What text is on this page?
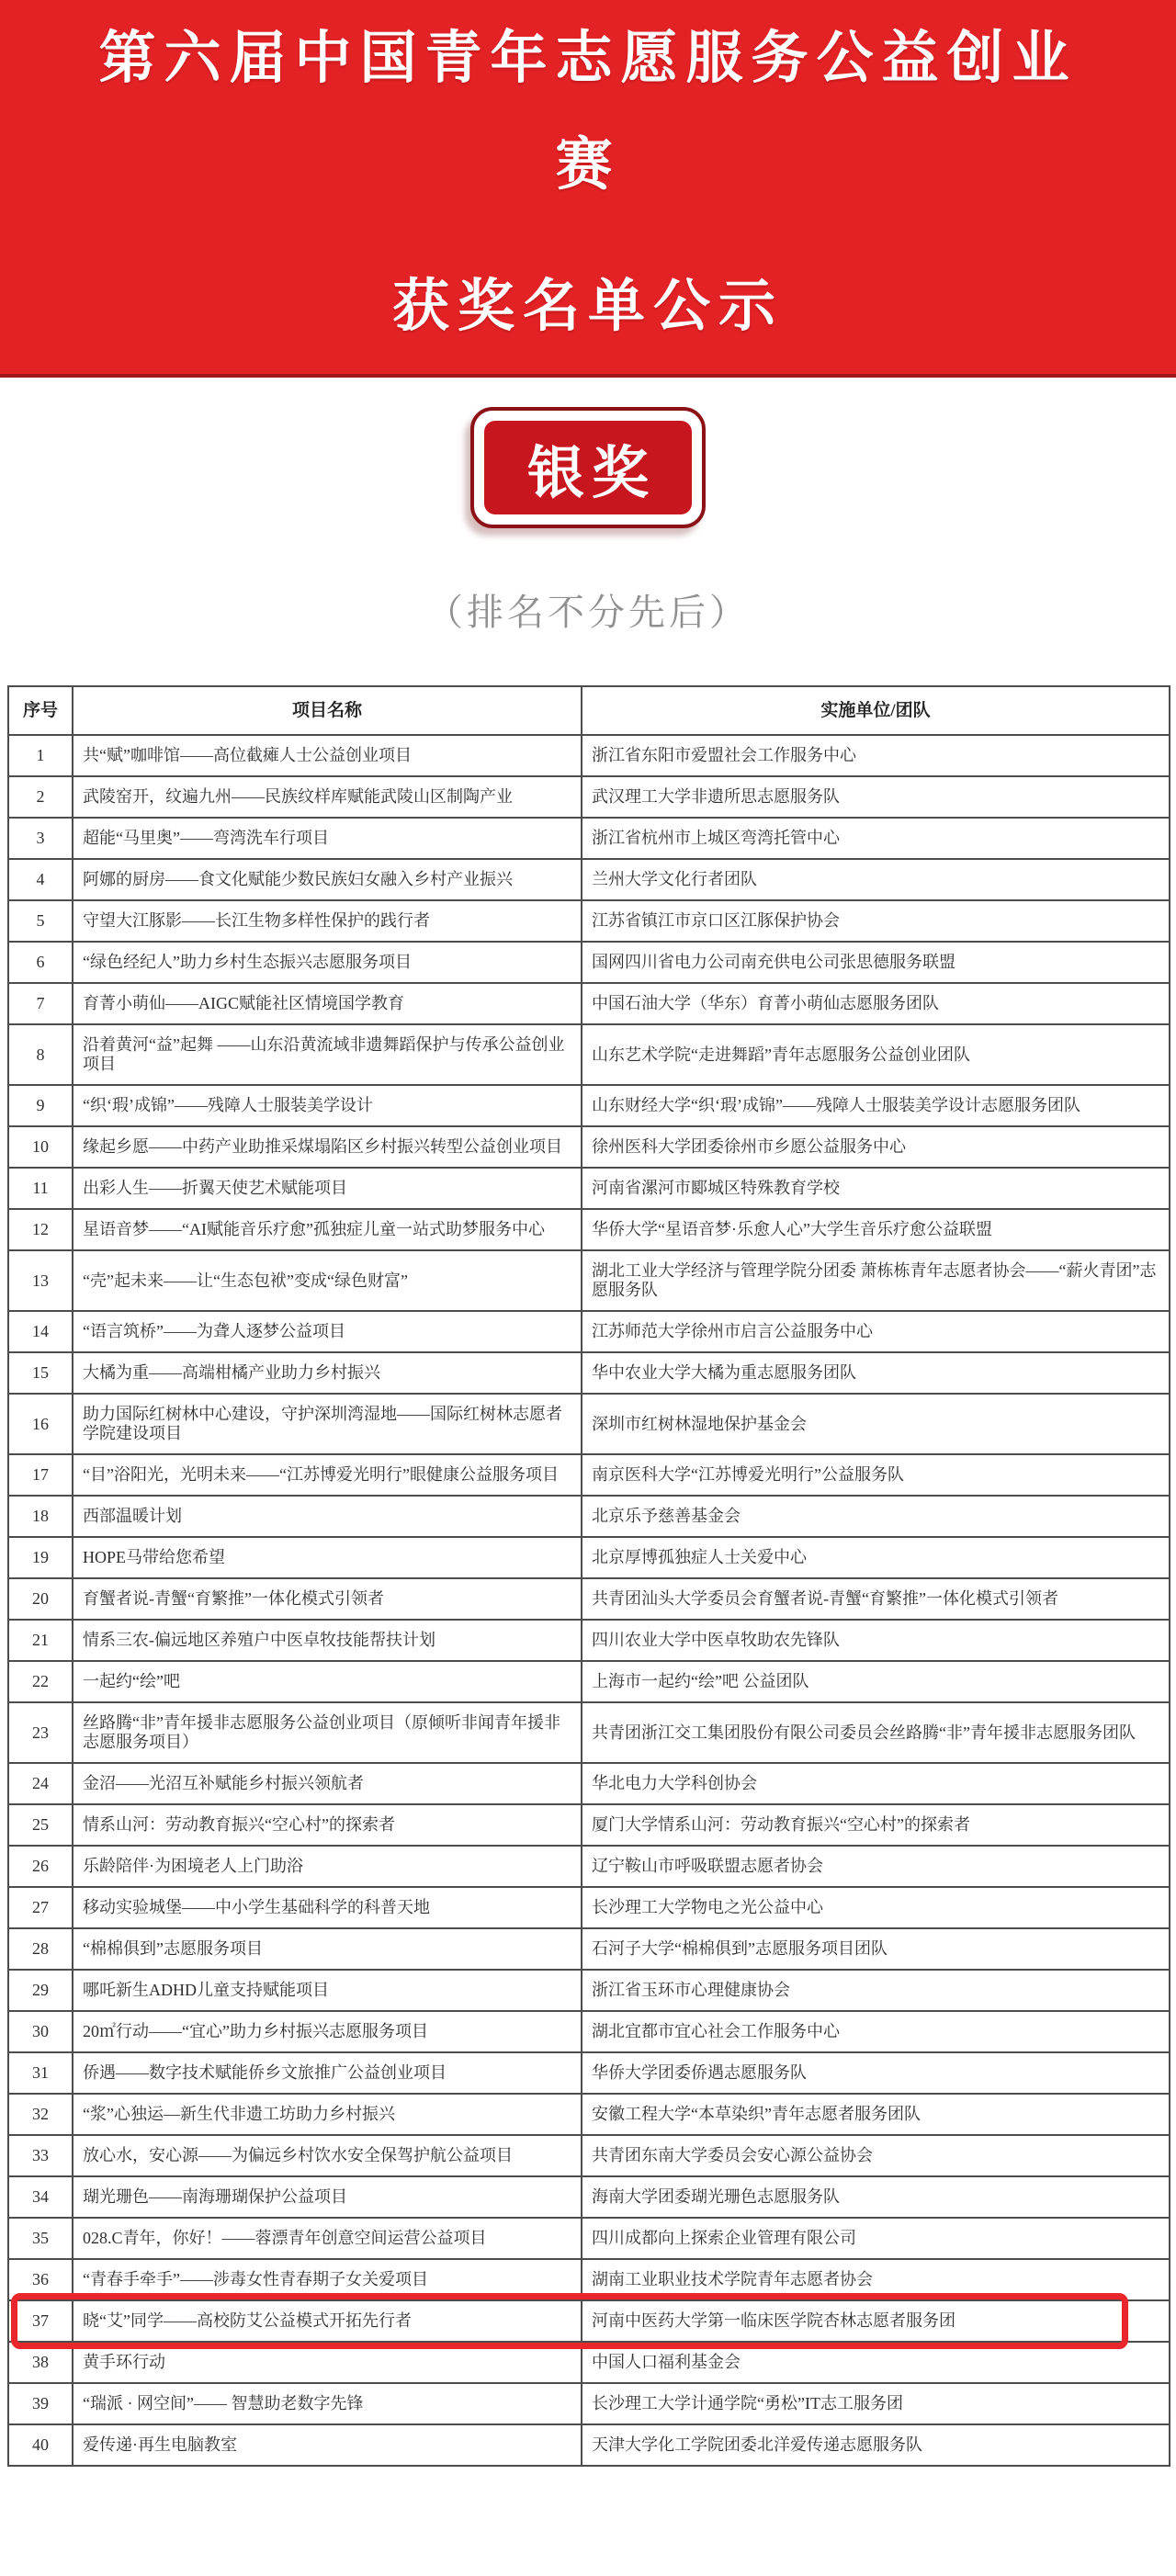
第六届中国青年志愿服务公益创业
赛
获奖名单公示
银奖
（排名不分先后）
序号	项目名称	实施单位/团队
1	共“赋”咖啡馆——高位截瘫人士公益创业项目	浙江省东阳市爱盟社会工作服务中心
2	武陵窑开，纹遍九州——民族纹样库赋能武陵山区制陶产业	武汉理工大学非遗所思志愿服务队
3	超能“马里奥”——弯湾洗车行项目	浙江省杭州市上城区弯湾托管中心
4	阿娜的厨房——食文化赋能少数民族妇女融入乡村产业振兴	兰州大学文化行者团队
5	守望大江豚影——长江生物多样性保护的践行者	江苏省镇江市京口区江豚保护协会
6	“绿色经纪人”助力乡村生态振兴志愿服务项目	国网四川省电力公司南充供电公司张思德服务联盟
7	育菁小萌仙——AIGC赋能社区情境国学教育	中国石油大学（华东）育菁小萌仙志愿服务团队
8	沿着黄河“益”起舞 ——山东沿黄流域非遗舞蹈保护与传承公益创业项目	山东艺术学院“走进舞蹈”青年志愿服务公益创业团队
9	“织‘瑕’成锦”——残障人士服装美学设计	山东财经大学“织‘瑕’成锦”——残障人士服装美学设计志愿服务团队
10	缘起乡愿——中药产业助推采煤塌陷区乡村振兴转型公益创业项目	徐州医科大学团委徐州市乡愿公益服务中心
11	出彩人生——折翼天使艺术赋能项目	河南省漯河市郾城区特殊教育学校
12	星语音梦——“AI赋能音乐疗愈”孤独症儿童一站式助梦服务中心	华侨大学“星语音梦·乐愈人心”大学生音乐疗愈公益联盟
13	“壳”起未来——让“生态包袱”变成“绿色财富”	湖北工业大学经济与管理学院分团委 萧栋栋青年志愿者协会——“薪火青团”志愿服务队
14	“语言筑桥”——为聋人逐梦公益项目	江苏师范大学徐州市启言公益服务中心
15	大橘为重——高端柑橘产业助力乡村振兴	华中农业大学大橘为重志愿服务团队
16	助力国际红树林中心建设，守护深圳湾湿地——国际红树林志愿者学院建设项目	深圳市红树林湿地保护基金会
17	“目”浴阳光，光明未来——“江苏博爱光明行”眼健康公益服务项目	南京医科大学“江苏博爱光明行”公益服务队
18	西部温暖计划	北京乐予慈善基金会
19	HOPE马带给您希望	北京厚博孤独症人士关爱中心
20	育蟹者说-青蟹“育繁推”一体化模式引领者	共青团汕头大学委员会育蟹者说-青蟹“育繁推”一体化模式引领者
21	情系三农-偏远地区养殖户中医卓牧技能帮扶计划	四川农业大学中医卓牧助农先锋队
22	一起约“绘”吧	上海市一起约“绘”吧 公益团队
23	丝路腾“非”青年援非志愿服务公益创业项目（原倾听非闻青年援非志愿服务项目）	共青团浙江交工集团股份有限公司委员会丝路腾“非”青年援非志愿服务团队
24	金沼——光沼互补赋能乡村振兴领航者	华北电力大学科创协会
25	情系山河：劳动教育振兴“空心村”的探索者	厦门大学情系山河：劳动教育振兴“空心村”的探索者
26	乐龄陪伴·为困境老人上门助浴	辽宁鞍山市呼吸联盟志愿者协会
27	移动实验城堡——中小学生基础科学的科普天地	长沙理工大学物电之光公益中心
28	“棉棉俱到”志愿服务项目	石河子大学“棉棉俱到”志愿服务项目团队
29	哪吒新生ADHD儿童支持赋能项目	浙江省玉环市心理健康协会
30	20㎡行动——“宜心”助力乡村振兴志愿服务项目	湖北宜都市宜心社会工作服务中心
31	侨遇——数字技术赋能侨乡文旅推广公益创业项目	华侨大学团委侨遇志愿服务队
32	“浆”心独运—新生代非遗工坊助力乡村振兴	安徽工程大学“本草染织”青年志愿者服务团队
33	放心水，安心源——为偏远乡村饮水安全保驾护航公益项目	共青团东南大学委员会安心源公益协会
34	瑚光珊色——南海珊瑚保护公益项目	海南大学团委瑚光珊色志愿服务队
35	028.C青年，你好！——蓉漂青年创意空间运营公益项目	四川成都向上探索企业管理有限公司
36	“青春手牵手”——涉毒女性青春期子女关爱项目	湖南工业职业技术学院青年志愿者协会
37	晓“艾”同学——高校防艾公益模式开拓先行者	河南中医药大学第一临床医学院杏林志愿者服务团
38	黄手环行动	中国人口福利基金会
39	“瑞派 · 网空间”—— 智慧助老数字先锋	长沙理工大学计通学院“勇松”IT志工服务团
40	爱传递·再生电脑教室	天津大学化工学院团委北洋爱传递志愿服务队
